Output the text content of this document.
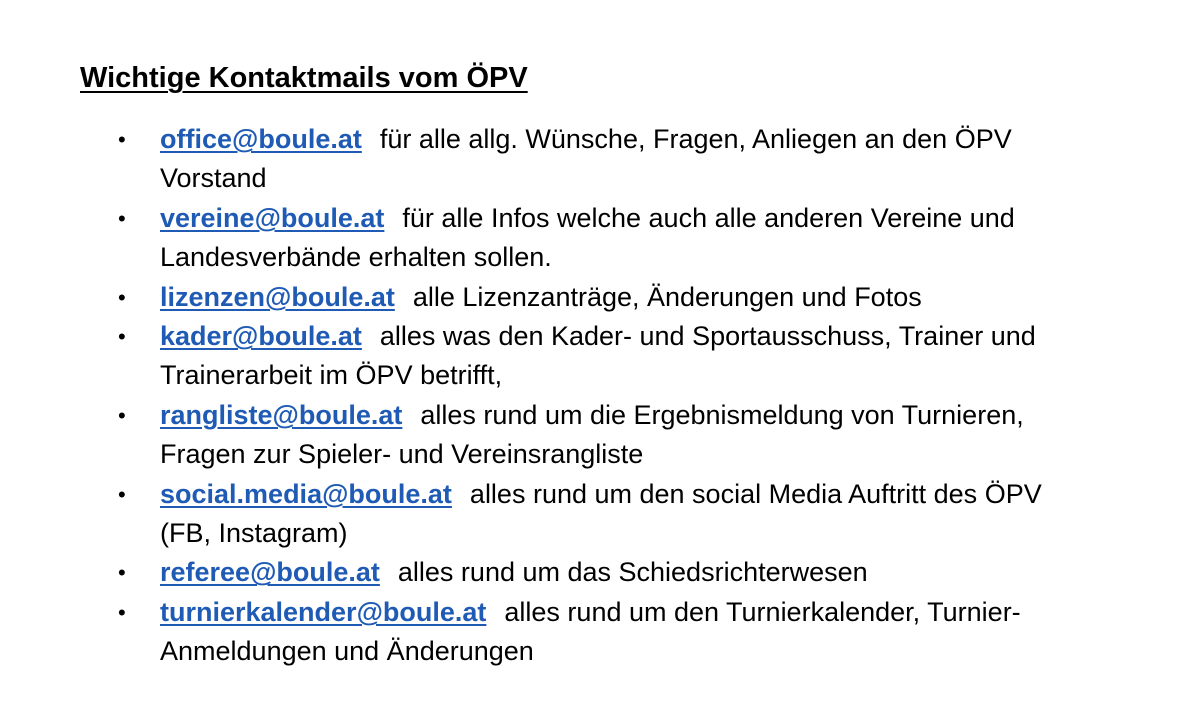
Wichtige Kontaktmails vom ÖPV
• office@boule.at für alle allg. Wünsche, Fragen, Anliegen an den ÖPV Vorstand
• vereine@boule.at für alle Infos welche auch alle anderen Vereine und Landesverbände erhalten sollen.
• lizenzen@boule.at alle Lizenzanträge, Änderungen und Fotos
• kader@boule.at alles was den Kader- und Sportausschuss, Trainer und Trainerarbeit im ÖPV betrifft,
• rangliste@boule.at alles rund um die Ergebnismeldung von Turnieren, Fragen zur Spieler- und Vereinsrangliste
• social.media@boule.at alles rund um den social Media Auftritt des ÖPV (FB, Instagram)
• referee@boule.at alles rund um das Schiedsrichterwesen
• turnierkalender@boule.at alles rund um den Turnierkalender, Turnier- Anmeldungen und Änderungen
